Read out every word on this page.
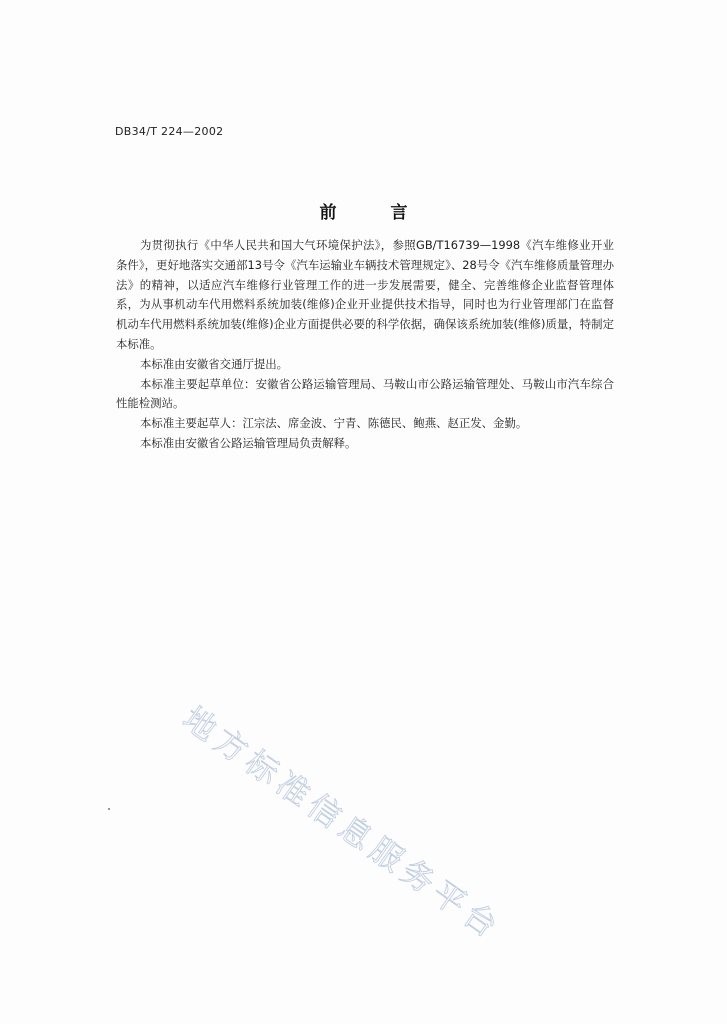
DB34/T 224—2002
前	言

为贯彻执行《中华人民共和国大气环境保护法》，参照GB/T16739—1998《汽车维修业开业条件》，更好地落实交通部13号令《汽车运输业车辆技术管理规定》、28号令《汽车维修质量管理办法》的精神，以适应汽车维修行业管理工作的进一步发展需要，健全、完善维修企业监督管理体系，为从事机动车代用燃料系统加装(维修)企业开业提供技术指导，同时也为行业管理部门在监督机动车代用燃料系统加装(维修)企业方面提供必要的科学依据，确保该系统加装(维修)质量，特制定本标准。

本标准由安徽省交通厅提出。

本标准主要起草单位：安徽省公路运输管理局、马鞍山市公路运输管理处、马鞍山市汽车综合性能检测站。

本标准主要起草人：江宗法、席金波、宁青、陈德民、鲍燕、赵正发、金勤。

本标准由安徽省公路运输管理局负责解释。

地方标准信息服务平台
